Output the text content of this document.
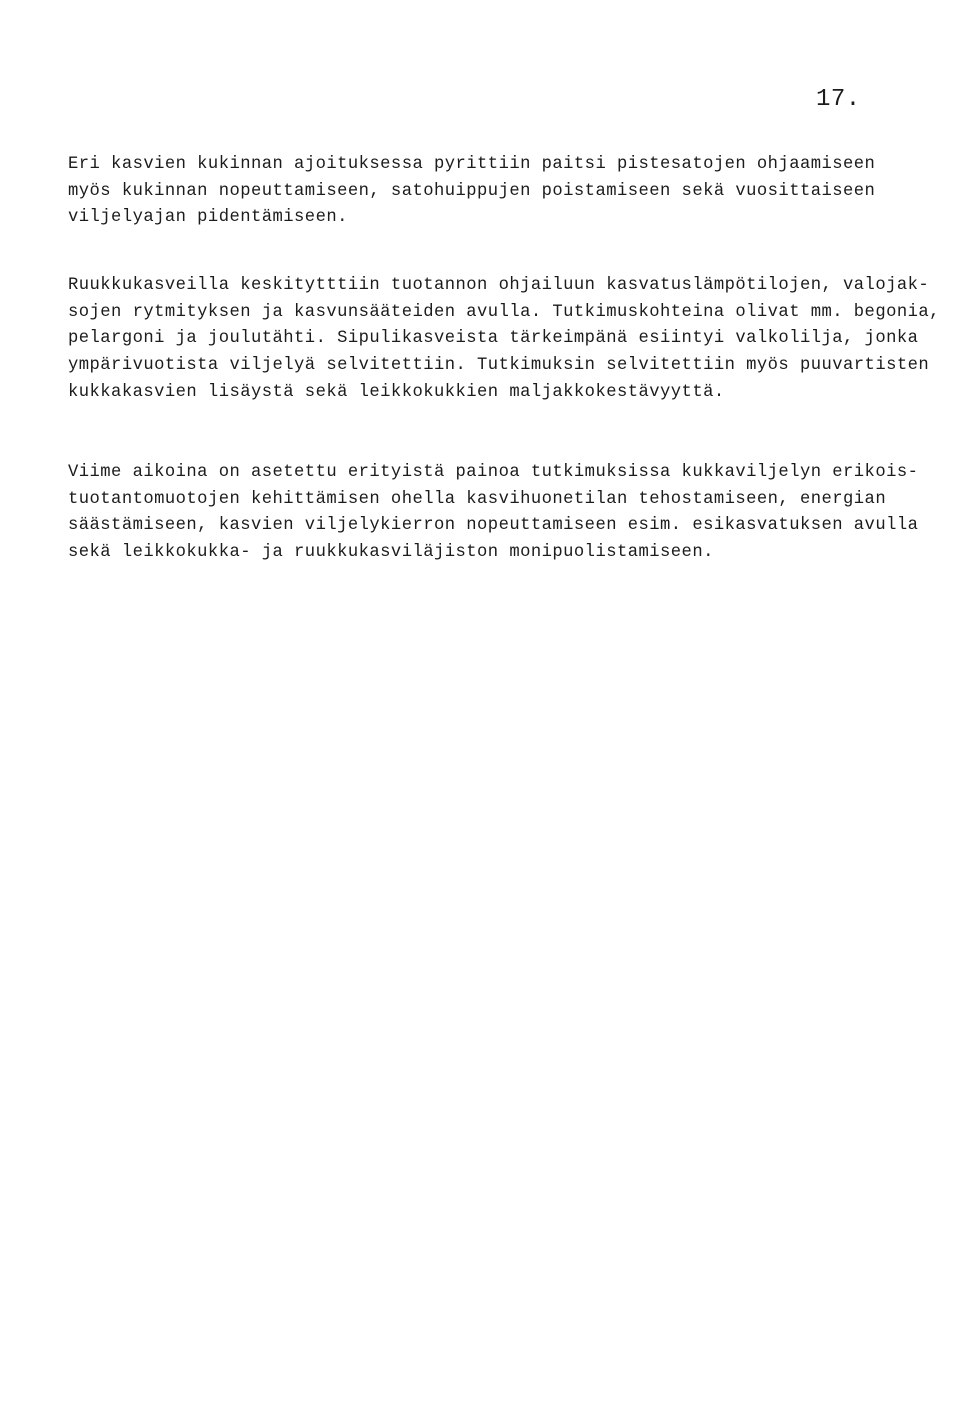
17.

Eri kasvien kukinnan ajoituksessa pyrittiin paitsi pistesatojen ohjaamiseen
myös kukinnan nopeuttamiseen, satohuippujen poistamiseen sekä vuosittaiseen
viljelyajan pidentämiseen.

Ruukkukasveilla keskitytttiin tuotannon ohjailuun kasvatuslämpötilojen, valojak-
sojen rytmityksen ja kasvunsääteiden avulla. Tutkimuskohteina olivat mm. begonia,
pelargoni ja joulutähti. Sipulikasveista tärkeimpänä esiintyi valkolilja, jonka
ympärivuotista viljelyä selvitettiin. Tutkimuksin selvitettiin myös puuvartisten
kukkakasvien lisäystä sekä leikkokukkien maljakkokestävyyttä.

Viime aikoina on asetettu erityistä painoa tutkimuksissa kukkaviljelyn erikois-
tuotantomuotojen kehittämisen ohella kasvihuonetilan tehostamiseen, energian
säästämiseen, kasvien viljelykierron nopeuttamiseen esim. esikasvatuksen avulla
sekä leikkokukka- ja ruukkukasviläjiston monipuolistamiseen.
